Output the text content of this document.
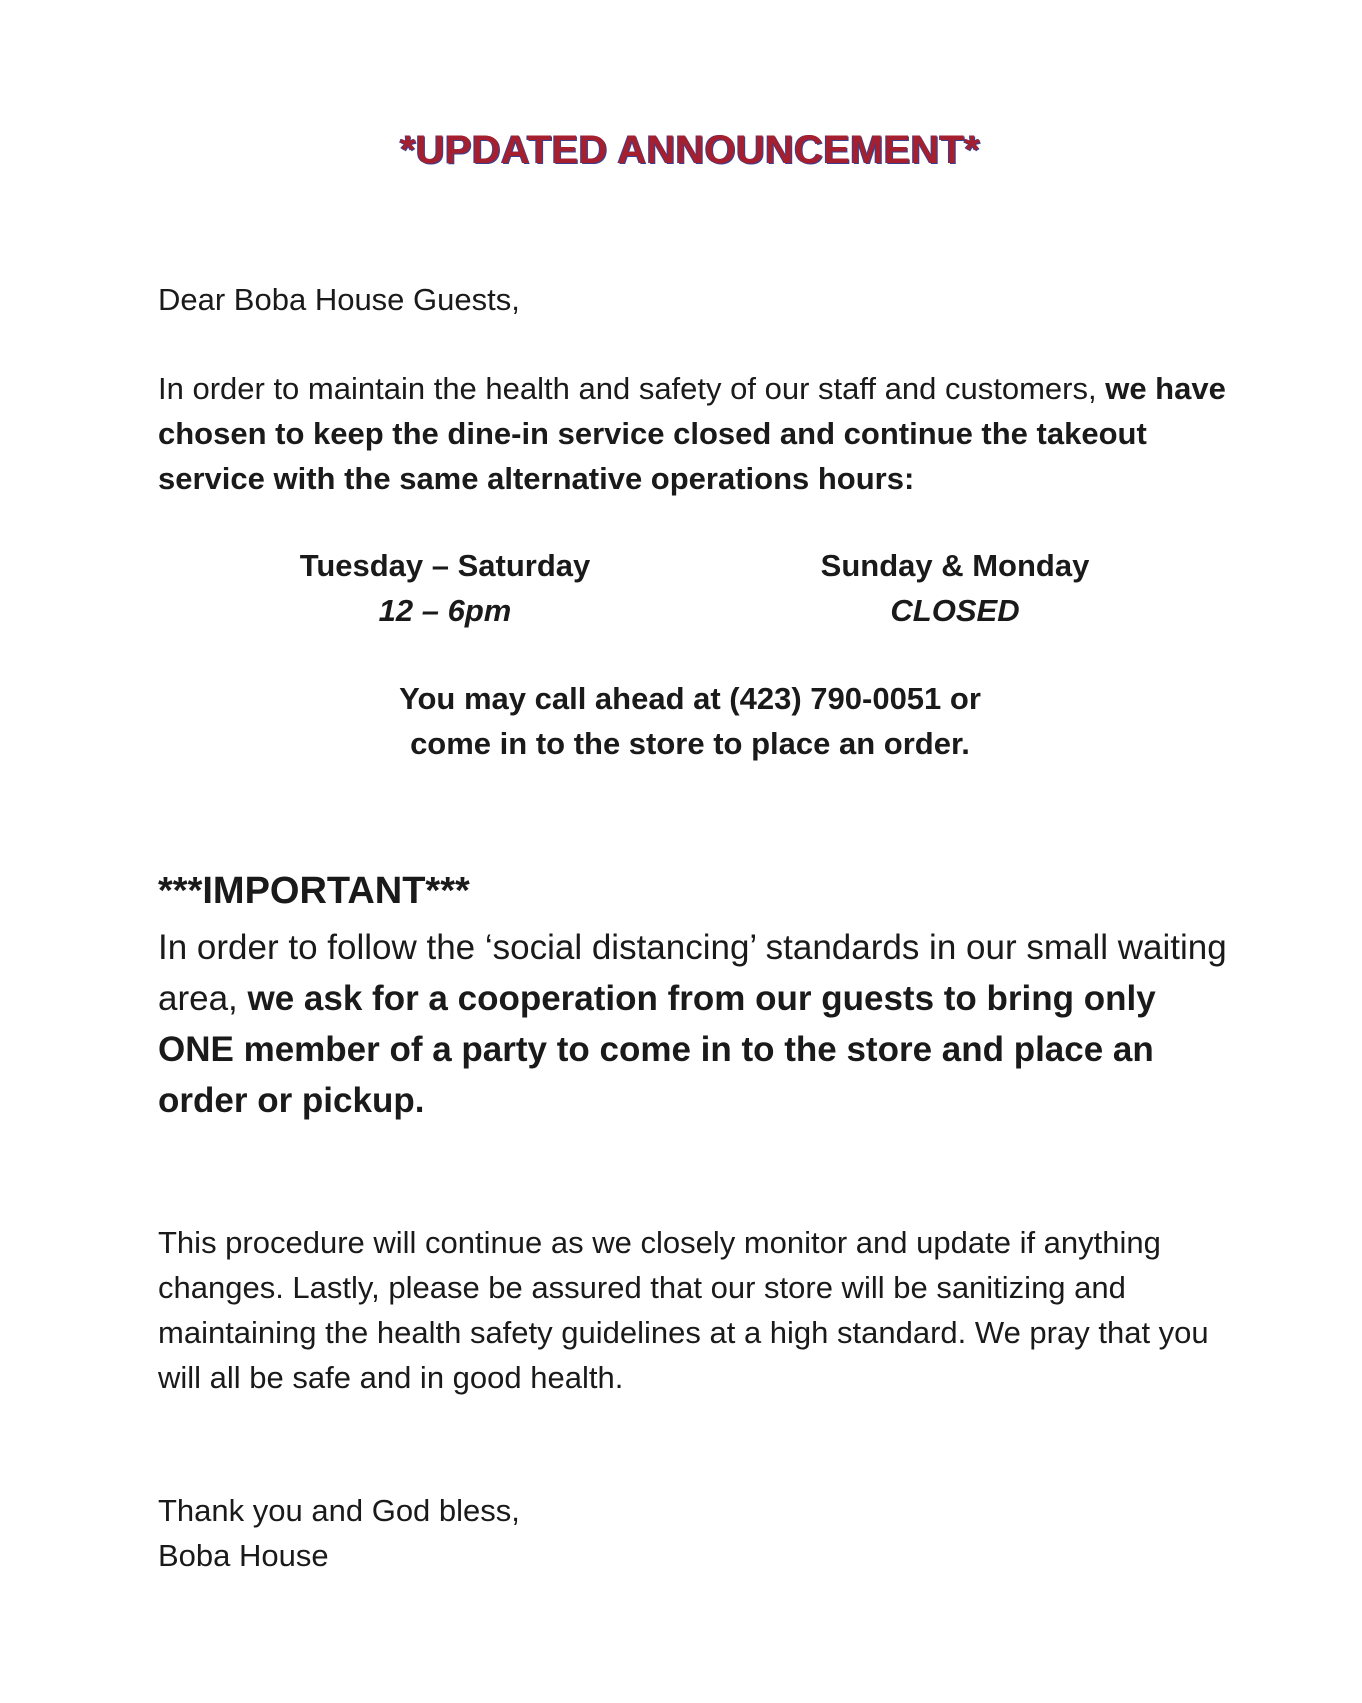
*UPDATED ANNOUNCEMENT*
Dear Boba House Guests,
In order to maintain the health and safety of our staff and customers, we have chosen to keep the dine-in service closed and continue the takeout service with the same alternative operations hours:
Tuesday – Saturday
12 – 6pm
Sunday & Monday
CLOSED
You may call ahead at (423) 790-0051 or
come in to the store to place an order.
***IMPORTANT***
In order to follow the ‘social distancing’ standards in our small waiting area, we ask for a cooperation from our guests to bring only ONE member of a party to come in to the store and place an order or pickup.
This procedure will continue as we closely monitor and update if anything changes. Lastly, please be assured that our store will be sanitizing and maintaining the health safety guidelines at a high standard. We pray that you will all be safe and in good health.
Thank you and God bless,
Boba House
